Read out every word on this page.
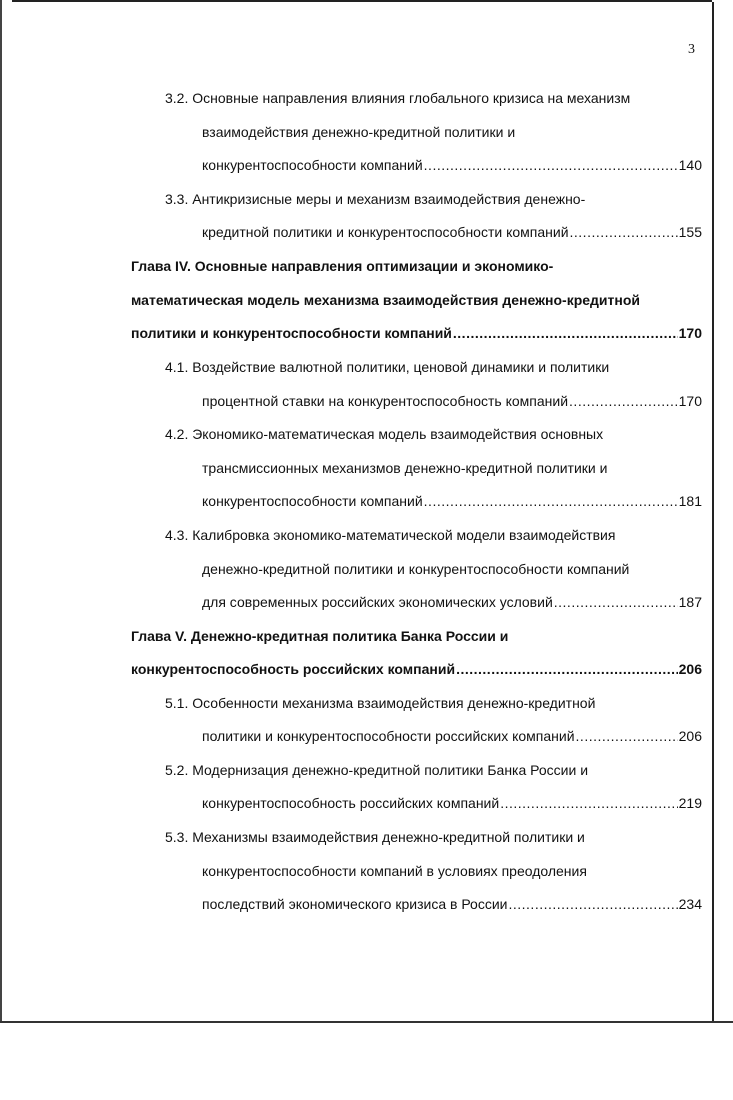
3
3.2. Основные направления влияния глобального кризиса на механизм
взаимодействия денежно-кредитной политики и
конкурентоспособности компаний .....	140
3.3. Антикризисные меры и механизм взаимодействия денежно-
кредитной политики и конкурентоспособности компаний .....	155
Глава IV. Основные направления оптимизации и экономико-
математическая модель механизма взаимодействия денежно-кредитной
политики и конкурентоспособности компаний .....	170
4.1. Воздействие валютной политики, ценовой динамики и политики
процентной ставки на конкурентоспособность компаний .....	170
4.2. Экономико-математическая модель взаимодействия основных
трансмиссионных механизмов денежно-кредитной политики и
конкурентоспособности компаний .....	181
4.3. Калибровка экономико-математической модели взаимодействия
денежно-кредитной политики и конкурентоспособности компаний
для современных российских экономических условий .....	187
Глава V. Денежно-кредитная политика Банка России и
конкурентоспособность российских компаний .....	206
5.1. Особенности механизма взаимодействия денежно-кредитной
политики и конкурентоспособности российских компаний .....	206
5.2. Модернизация денежно-кредитной политики Банка России и
конкурентоспособность российских компаний .....	219
5.3. Механизмы взаимодействия денежно-кредитной политики и
конкурентоспособности компаний в условиях преодоления
последствий экономического кризиса в России .....	234
